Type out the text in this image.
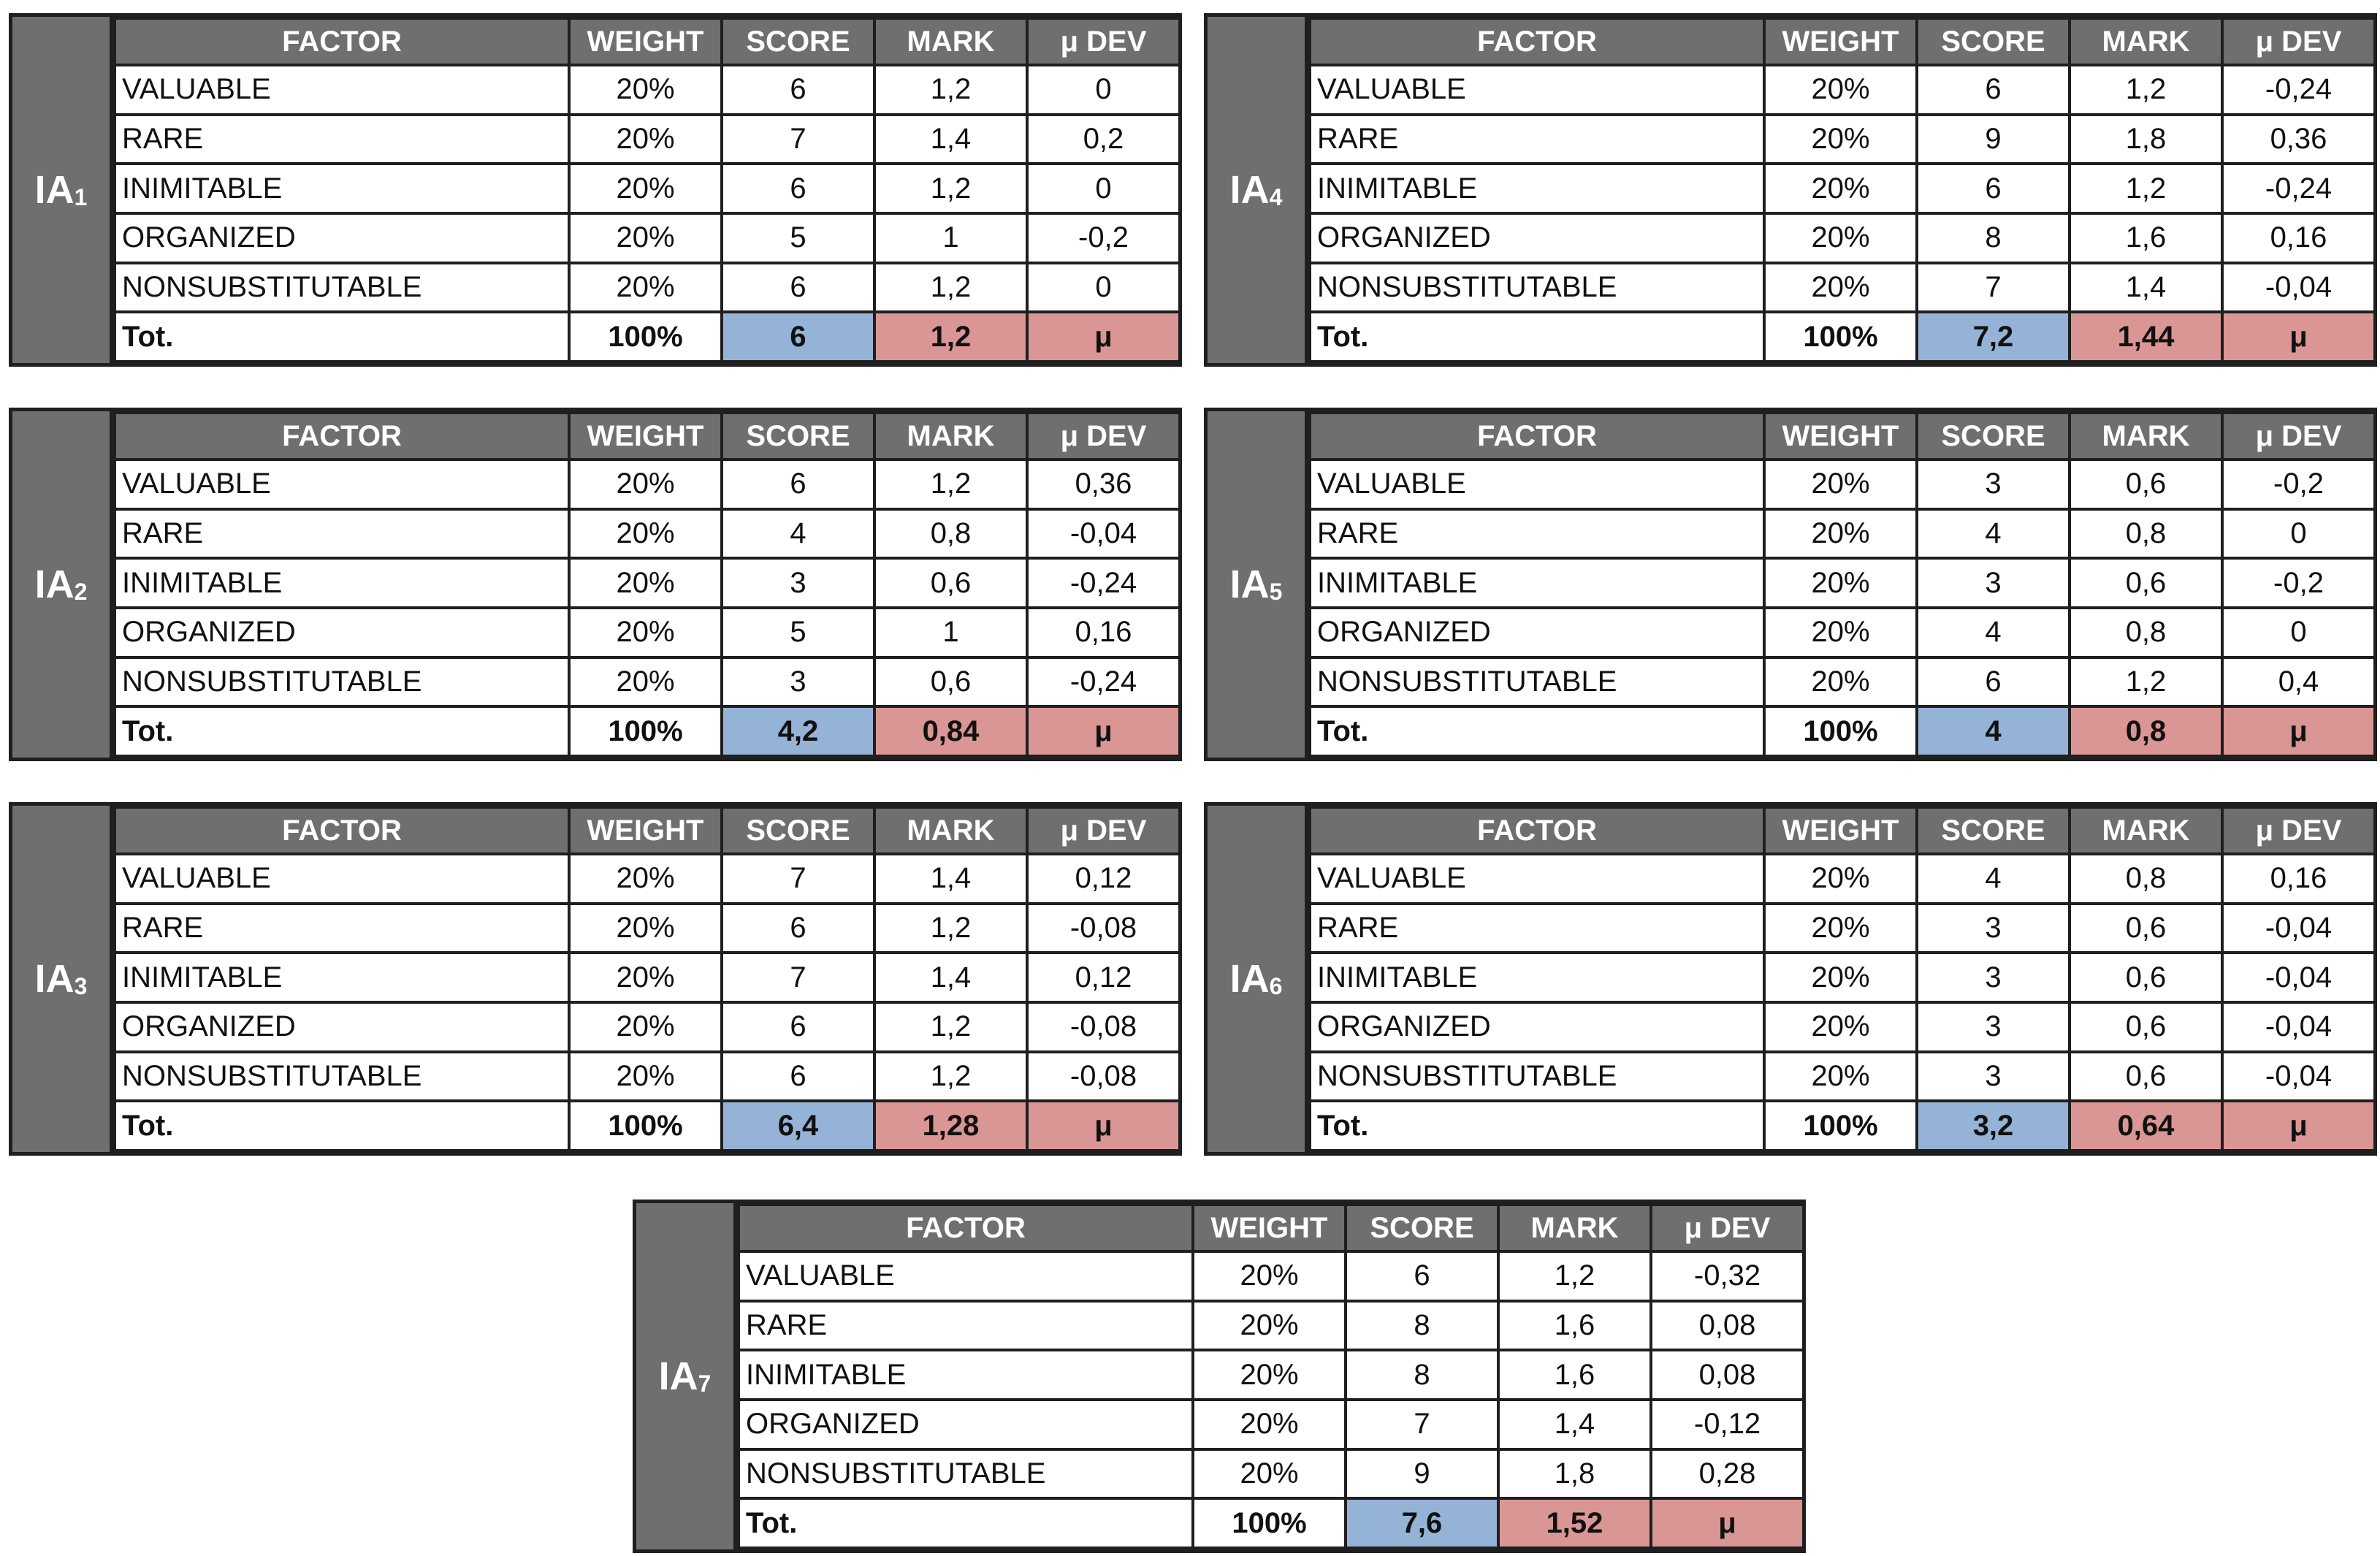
$IA_1$
FACTOR	WEIGHT	SCORE	MARK	μ DEV
VALUABLE	20%	6	1,2	0
RARE	20%	7	1,4	0,2
INIMITABLE	20%	6	1,2	0
ORGANIZED	20%	5	1	-0,2
NONSUBSTITUTABLE	20%	6	1,2	0
Tot.	100%	6	1,2	μ
$IA_4$
FACTOR	WEIGHT	SCORE	MARK	μ DEV
VALUABLE	20%	6	1,2	-0,24
RARE	20%	9	1,8	0,36
INIMITABLE	20%	6	1,2	-0,24
ORGANIZED	20%	8	1,6	0,16
NONSUBSTITUTABLE	20%	7	1,4	-0,04
Tot.	100%	7,2	1,44	μ
$IA_2$
FACTOR	WEIGHT	SCORE	MARK	μ DEV
VALUABLE	20%	6	1,2	0,36
RARE	20%	4	0,8	-0,04
INIMITABLE	20%	3	0,6	-0,24
ORGANIZED	20%	5	1	0,16
NONSUBSTITUTABLE	20%	3	0,6	-0,24
Tot.	100%	4,2	0,84	μ
$IA_5$
FACTOR	WEIGHT	SCORE	MARK	μ DEV
VALUABLE	20%	3	0,6	-0,2
RARE	20%	4	0,8	0
INIMITABLE	20%	3	0,6	-0,2
ORGANIZED	20%	4	0,8	0
NONSUBSTITUTABLE	20%	6	1,2	0,4
Tot.	100%	4	0,8	μ
$IA_3$
FACTOR	WEIGHT	SCORE	MARK	μ DEV
VALUABLE	20%	7	1,4	0,12
RARE	20%	6	1,2	-0,08
INIMITABLE	20%	7	1,4	0,12
ORGANIZED	20%	6	1,2	-0,08
NONSUBSTITUTABLE	20%	6	1,2	-0,08
Tot.	100%	6,4	1,28	μ
$IA_6$
FACTOR	WEIGHT	SCORE	MARK	μ DEV
VALUABLE	20%	4	0,8	0,16
RARE	20%	3	0,6	-0,04
INIMITABLE	20%	3	0,6	-0,04
ORGANIZED	20%	3	0,6	-0,04
NONSUBSTITUTABLE	20%	3	0,6	-0,04
Tot.	100%	3,2	0,64	μ
$IA_7$
FACTOR	WEIGHT	SCORE	MARK	μ DEV
VALUABLE	20%	6	1,2	-0,32
RARE	20%	8	1,6	0,08
INIMITABLE	20%	8	1,6	0,08
ORGANIZED	20%	7	1,4	-0,12
NONSUBSTITUTABLE	20%	9	1,8	0,28
Tot.	100%	7,6	1,52	μ
